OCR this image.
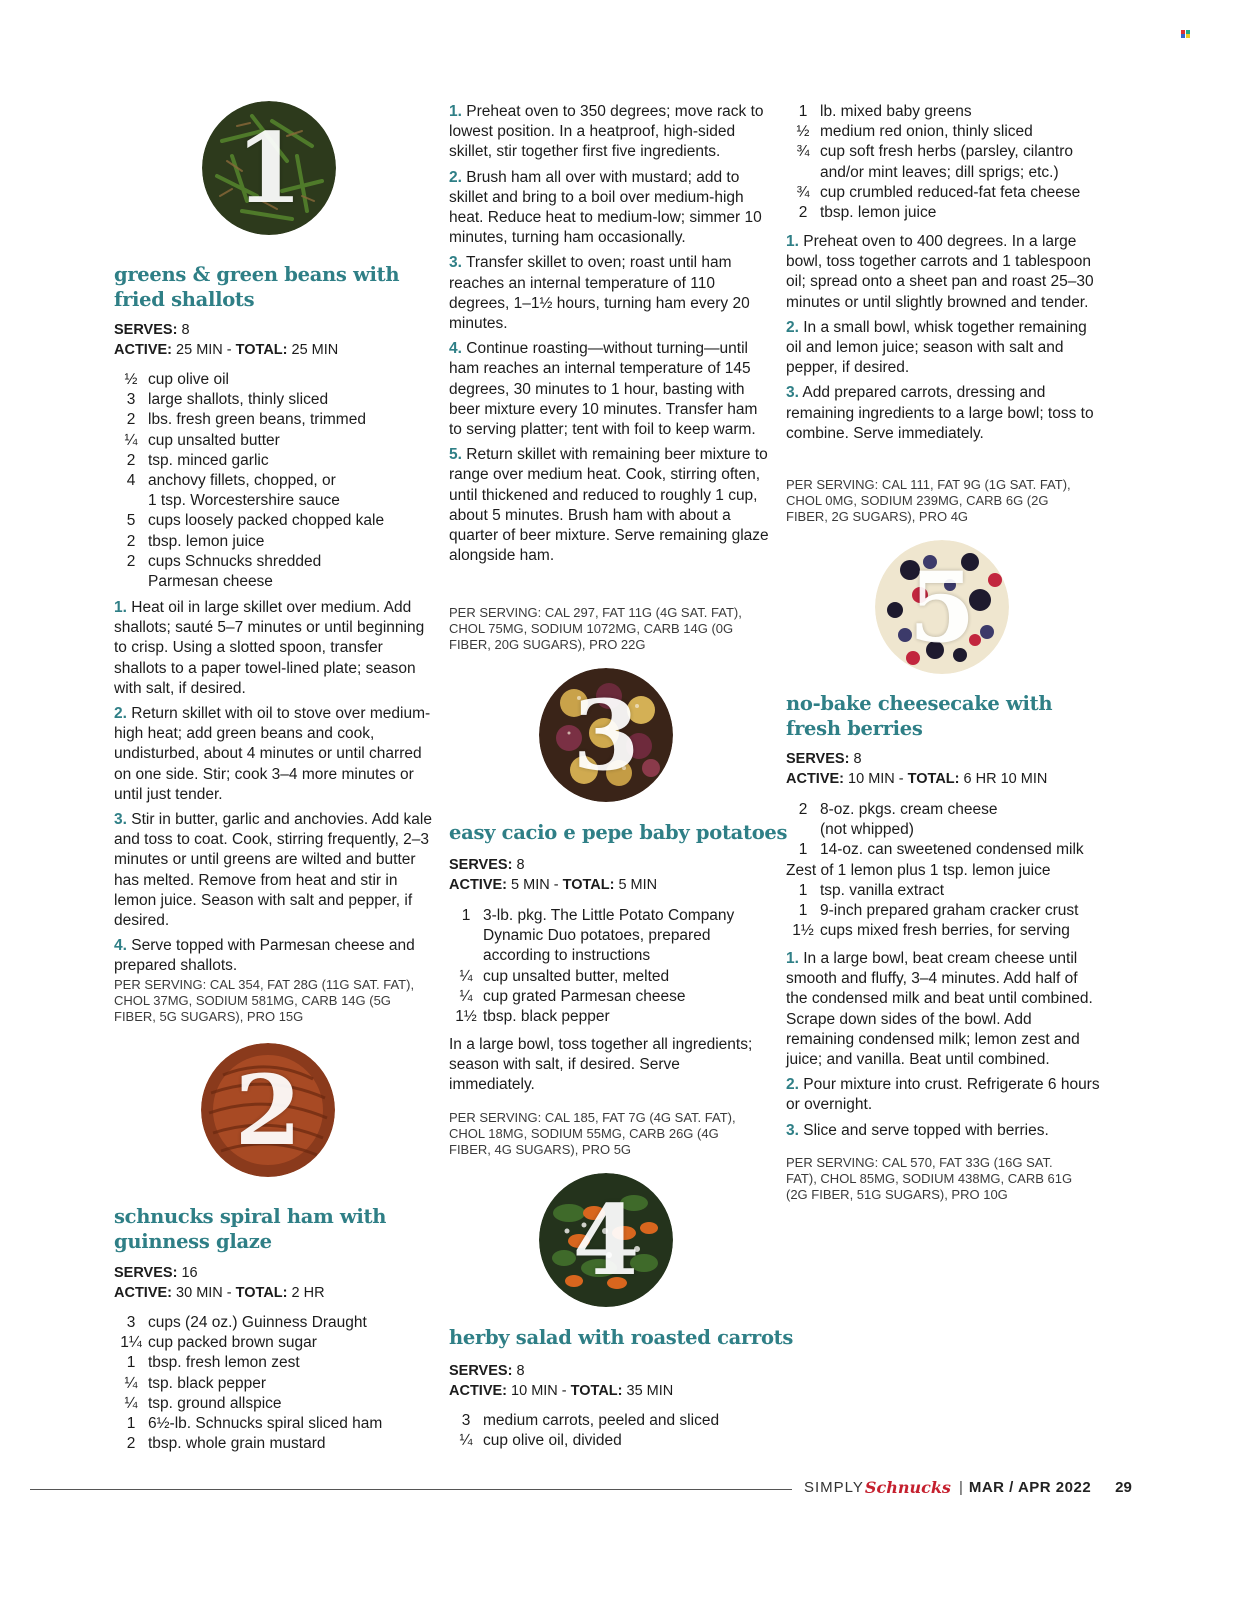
1
greens & green beans with
fried shallots
SERVES: 8
ACTIVE: 25 MIN - TOTAL: 25 MIN
½ cup olive oil
3 large shallots, thinly sliced
2 lbs. fresh green beans, trimmed
¼ cup unsalted butter
2 tsp. minced garlic
4 anchovy fillets, chopped, or
1 tsp. Worcestershire sauce
5 cups loosely packed chopped kale
2 tbsp. lemon juice
2 cups Schnucks shredded
Parmesan cheese

1. Heat oil in large skillet over medium. Add shallots; sauté 5–7 minutes or until beginning to crisp. Using a slotted spoon, transfer shallots to a paper towel-lined plate; season with salt, if desired.

2. Return skillet with oil to stove over medium-high heat; add green beans and cook, undisturbed, about 4 minutes or until charred on one side. Stir; cook 3–4 more minutes or until just tender.

3. Stir in butter, garlic and anchovies. Add kale and toss to coat. Cook, stirring frequently, 2–3 minutes or until greens are wilted and butter has melted. Remove from heat and stir in lemon juice. Season with salt and pepper, if desired.

4. Serve topped with Parmesan cheese and prepared shallots.

PER SERVING: CAL 354, FAT 28G (11G SAT. FAT), CHOL 37MG, SODIUM 581MG, CARB 14G (5G FIBER, 5G SUGARS), PRO 15G
2
schnucks spiral ham with
guinness glaze
SERVES: 16
ACTIVE: 30 MIN - TOTAL: 2 HR
3 cups (24 oz.) Guinness Draught
1¼ cup packed brown sugar
1 tbsp. fresh lemon zest
¼ tsp. black pepper
¼ tsp. ground allspice
1 6½-lb. Schnucks spiral sliced ham
2 tbsp. whole grain mustard

1. Preheat oven to 350 degrees; move rack to lowest position. In a heatproof, high-sided skillet, stir together first five ingredients.

2. Brush ham all over with mustard; add to skillet and bring to a boil over medium-high heat. Reduce heat to medium-low; simmer 10 minutes, turning ham occasionally.

3. Transfer skillet to oven; roast until ham reaches an internal temperature of 110 degrees, 1–1½ hours, turning ham every 20 minutes.

4. Continue roasting—without turning—until ham reaches an internal temperature of 145 degrees, 30 minutes to 1 hour, basting with beer mixture every 10 minutes. Transfer ham to serving platter; tent with foil to keep warm.

5. Return skillet with remaining beer mixture to range over medium heat. Cook, stirring often, until thickened and reduced to roughly 1 cup, about 5 minutes. Brush ham with about a quarter of beer mixture. Serve remaining glaze alongside ham.

PER SERVING: CAL 297, FAT 11G (4G SAT. FAT), CHOL 75MG, SODIUM 1072MG, CARB 14G (0G FIBER, 20G SUGARS), PRO 22G
3
easy cacio e pepe baby potatoes
SERVES: 8
ACTIVE: 5 MIN - TOTAL: 5 MIN
1 3-lb. pkg. The Little Potato Company
Dynamic Duo potatoes, prepared
according to instructions
¼ cup unsalted butter, melted
¼ cup grated Parmesan cheese
1½ tbsp. black pepper

In a large bowl, toss together all ingredients; season with salt, if desired. Serve immediately.

PER SERVING: CAL 185, FAT 7G (4G SAT. FAT), CHOL 18MG, SODIUM 55MG, CARB 26G (4G FIBER, 4G SUGARS), PRO 5G
4
herby salad with roasted carrots
SERVES: 8
ACTIVE: 10 MIN - TOTAL: 35 MIN
3 medium carrots, peeled and sliced
¼ cup olive oil, divided
1 lb. mixed baby greens
½ medium red onion, thinly sliced
¾ cup soft fresh herbs (parsley, cilantro
and/or mint leaves; dill sprigs; etc.)
¾ cup crumbled reduced-fat feta cheese
2 tbsp. lemon juice

1. Preheat oven to 400 degrees. In a large bowl, toss together carrots and 1 tablespoon oil; spread onto a sheet pan and roast 25–30 minutes or until slightly browned and tender.

2. In a small bowl, whisk together remaining oil and lemon juice; season with salt and pepper, if desired.

3. Add prepared carrots, dressing and remaining ingredients to a large bowl; toss to combine. Serve immediately.

PER SERVING: CAL 111, FAT 9G (1G SAT. FAT), CHOL 0MG, SODIUM 239MG, CARB 6G (2G FIBER, 2G SUGARS), PRO 4G
5
no-bake cheesecake with
fresh berries
SERVES: 8
ACTIVE: 10 MIN - TOTAL: 6 HR 10 MIN
2 8-oz. pkgs. cream cheese
(not whipped)
1 14-oz. can sweetened condensed milk
Zest of 1 lemon plus 1 tsp. lemon juice
1 tsp. vanilla extract
1 9-inch prepared graham cracker crust
1½ cups mixed fresh berries, for serving

1. In a large bowl, beat cream cheese until smooth and fluffy, 3–4 minutes. Add half of the condensed milk and beat until combined. Scrape down sides of the bowl. Add remaining condensed milk; lemon zest and juice; and vanilla. Beat until combined.

2. Pour mixture into crust. Refrigerate 6 hours or overnight.

3. Slice and serve topped with berries.

PER SERVING: CAL 570, FAT 33G (16G SAT. FAT), CHOL 85MG, SODIUM 438MG, CARB 61G (2G FIBER, 51G SUGARS), PRO 10G
SIMPLY Schnucks | MAR / APR 2022 29
